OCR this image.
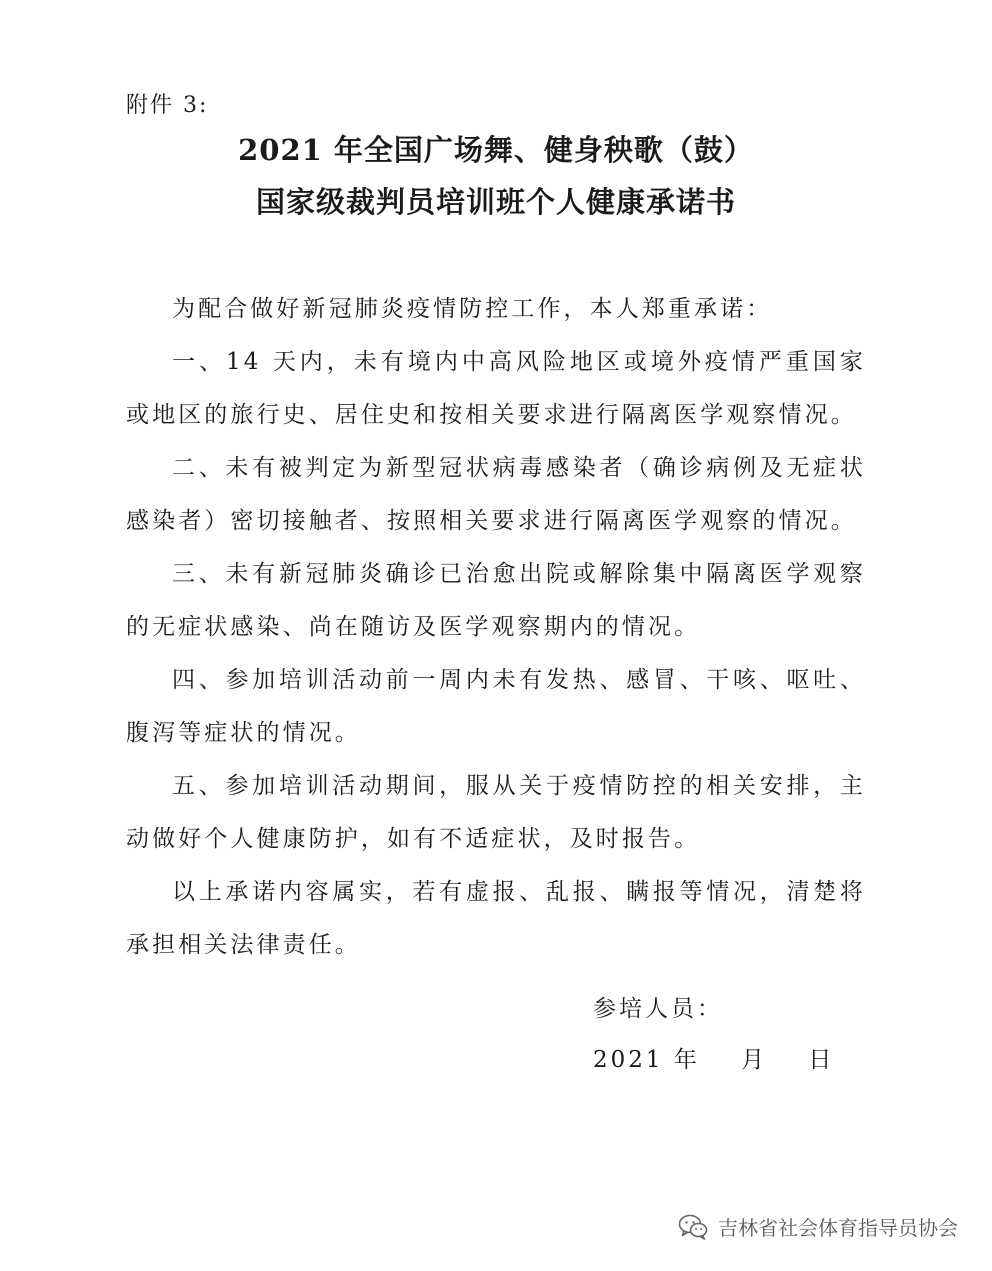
附件 3:
2021 年全国广场舞、健身秧歌（鼓）
国家级裁判员培训班个人健康承诺书

为配合做好新冠肺炎疫情防控工作，本人郑重承诺：

一、14 天内，未有境内中高风险地区或境外疫情严重国家或地区的旅行史、居住史和按相关要求进行隔离医学观察情况。

二、未有被判定为新型冠状病毒感染者（确诊病例及无症状感染者）密切接触者、按照相关要求进行隔离医学观察的情况。

三、未有新冠肺炎确诊已治愈出院或解除集中隔离医学观察的无症状感染、尚在随访及医学观察期内的情况。

四、参加培训活动前一周内未有发热、感冒、干咳、呕吐、腹泻等症状的情况。

五、参加培训活动期间，服从关于疫情防控的相关安排，主动做好个人健康防护，如有不适症状，及时报告。

以上承诺内容属实，若有虚报、乱报、瞒报等情况，清楚将承担相关法律责任。

参培人员：
2021 年    月    日
吉林省社会体育指导员协会
